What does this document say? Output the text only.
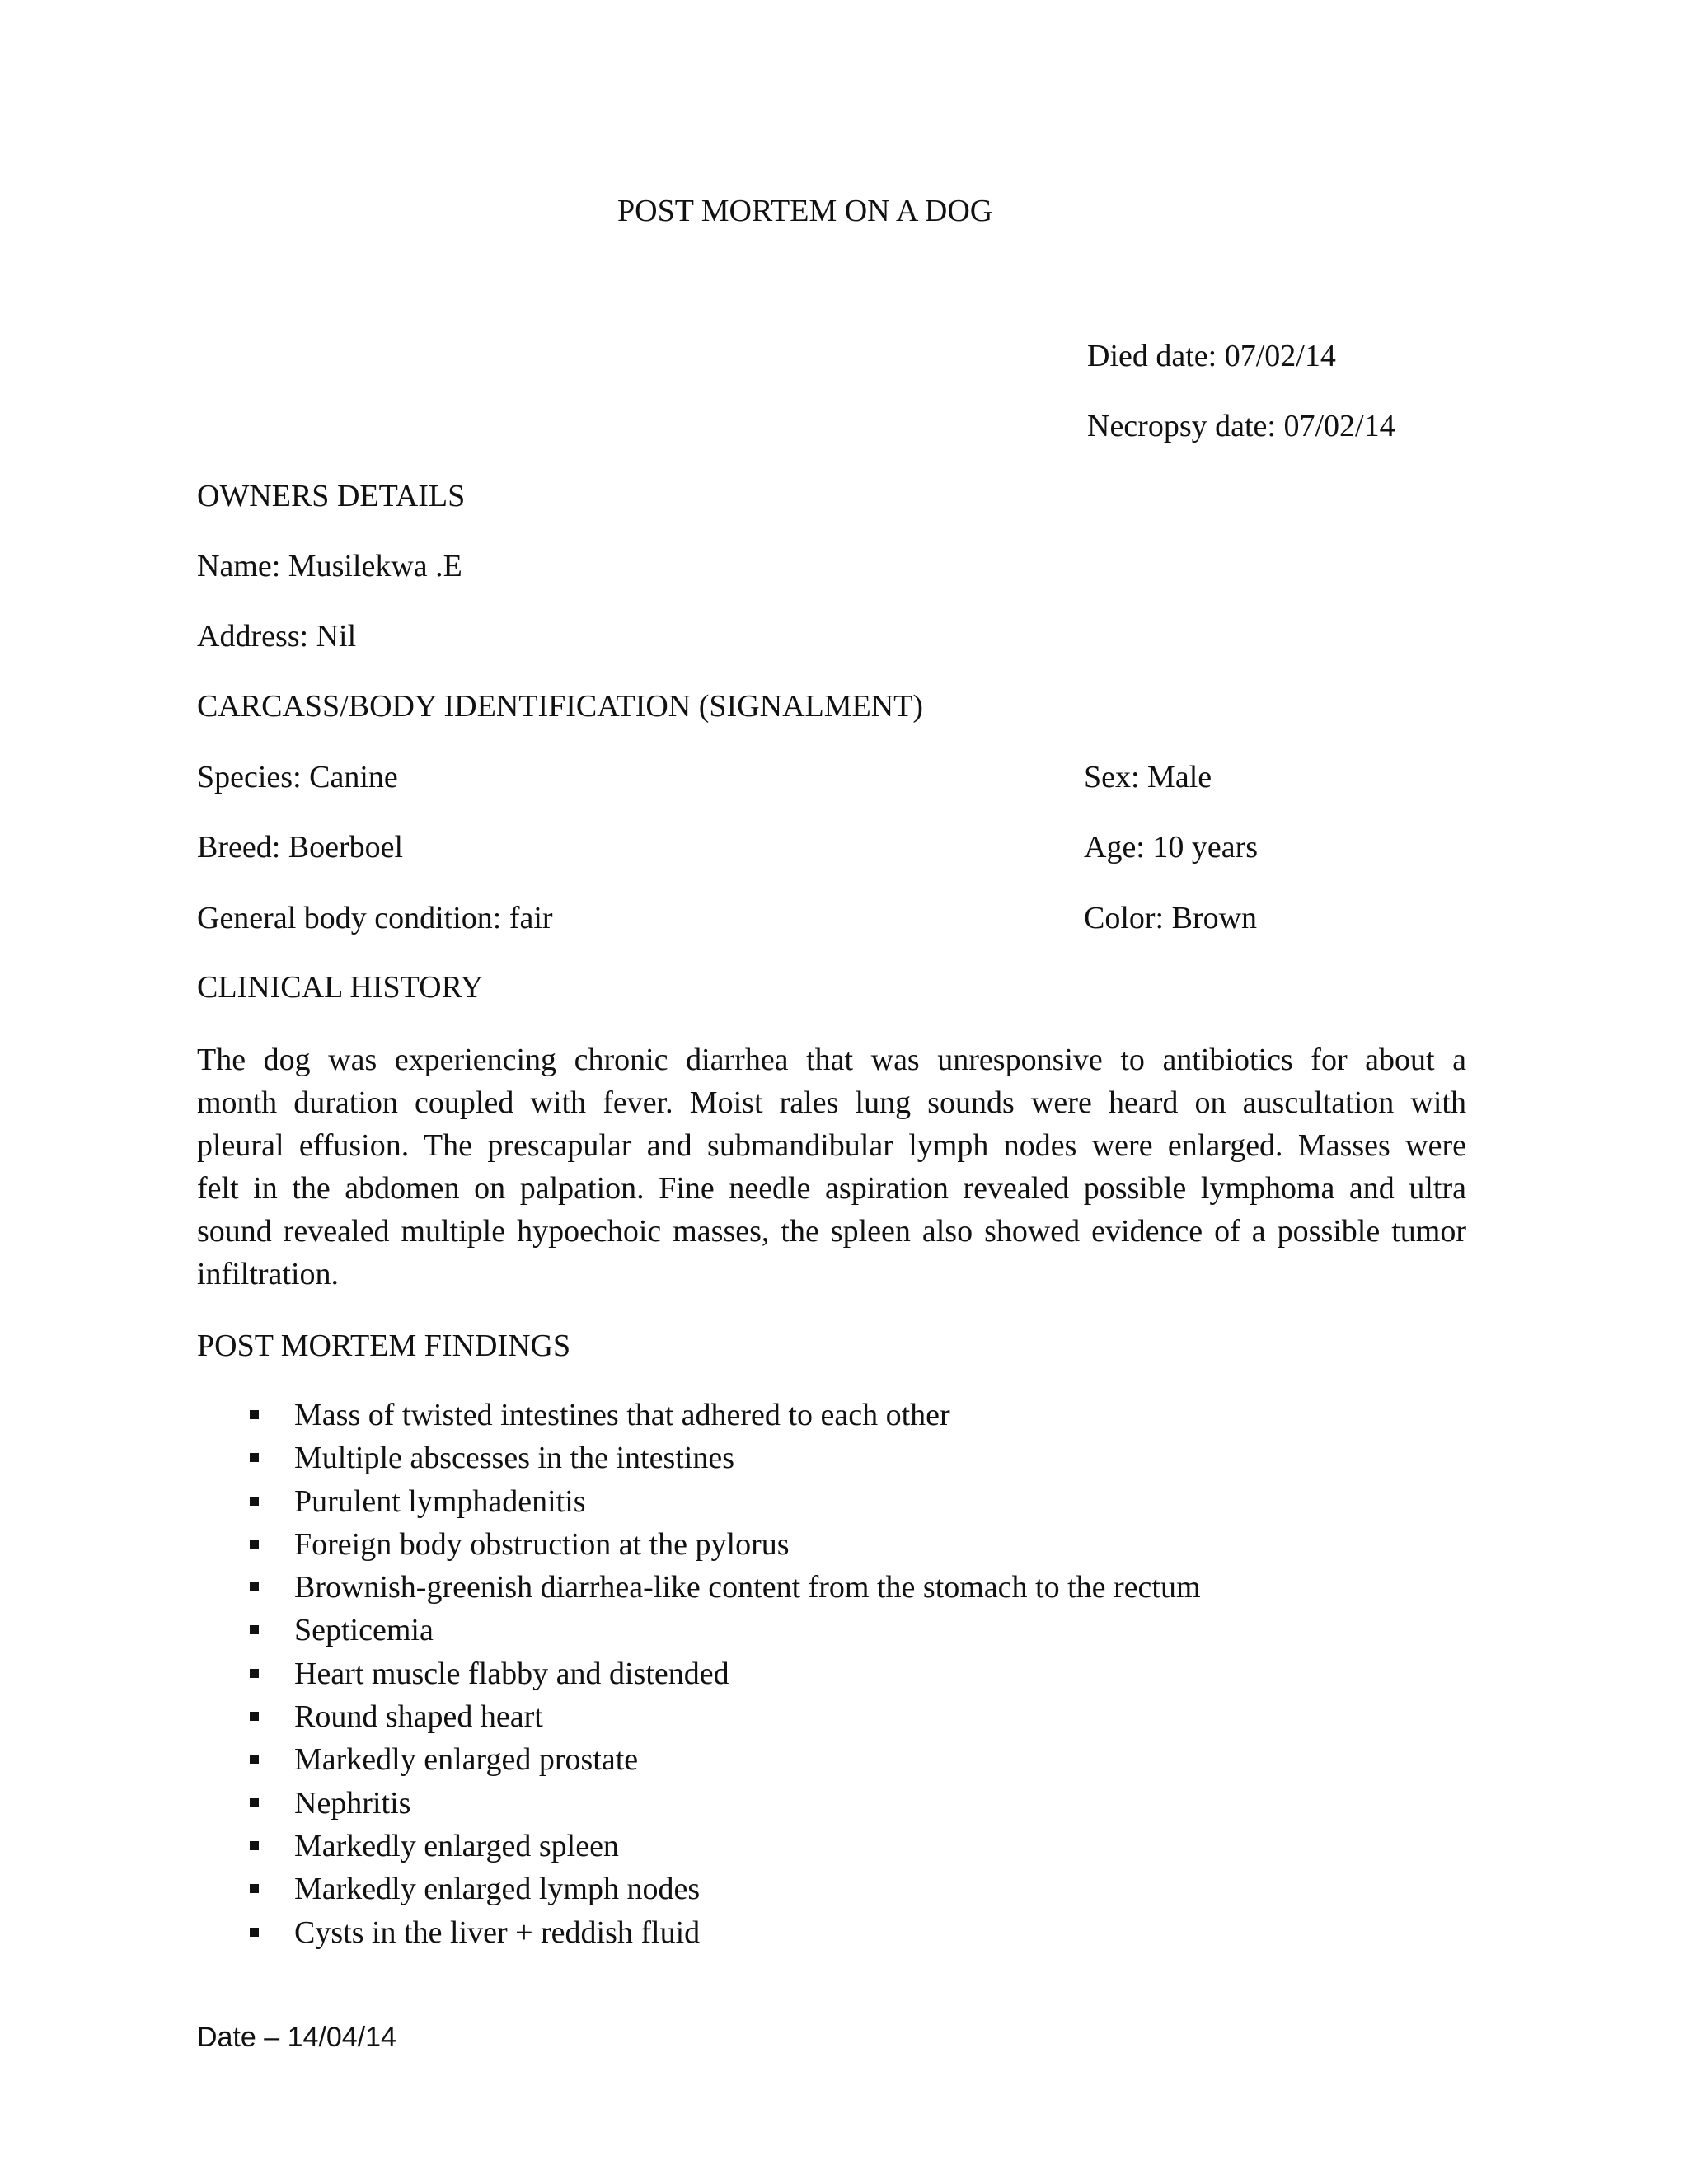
POST MORTEM ON A DOG

Died date: 07/02/14

Necropsy date: 07/02/14

OWNERS DETAILS

Name: Musilekwa .E

Address: Nil

CARCASS/BODY IDENTIFICATION (SIGNALMENT)

Species: Canine	Sex: Male

Breed: Boerboel	Age: 10 years

General body condition: fair	Color: Brown

CLINICAL HISTORY

The dog was experiencing chronic diarrhea that was unresponsive to antibiotics for about a
month duration coupled with fever. Moist rales lung sounds were heard on auscultation with
pleural effusion. The prescapular and submandibular lymph nodes were enlarged. Masses were
felt in the abdomen on palpation. Fine needle aspiration revealed possible lymphoma and ultra
sound revealed multiple hypoechoic masses, the spleen also showed evidence of a possible tumor
infiltration.

POST MORTEM FINDINGS

Mass of twisted intestines that adhered to each other
Multiple abscesses in the intestines
Purulent lymphadenitis
Foreign body obstruction at the pylorus
Brownish-greenish diarrhea-like content from the stomach to the rectum
Septicemia
Heart muscle flabby and distended
Round shaped heart
Markedly enlarged prostate
Nephritis
Markedly enlarged spleen
Markedly enlarged lymph nodes
Cysts in the liver + reddish fluid

Date – 14/04/14
